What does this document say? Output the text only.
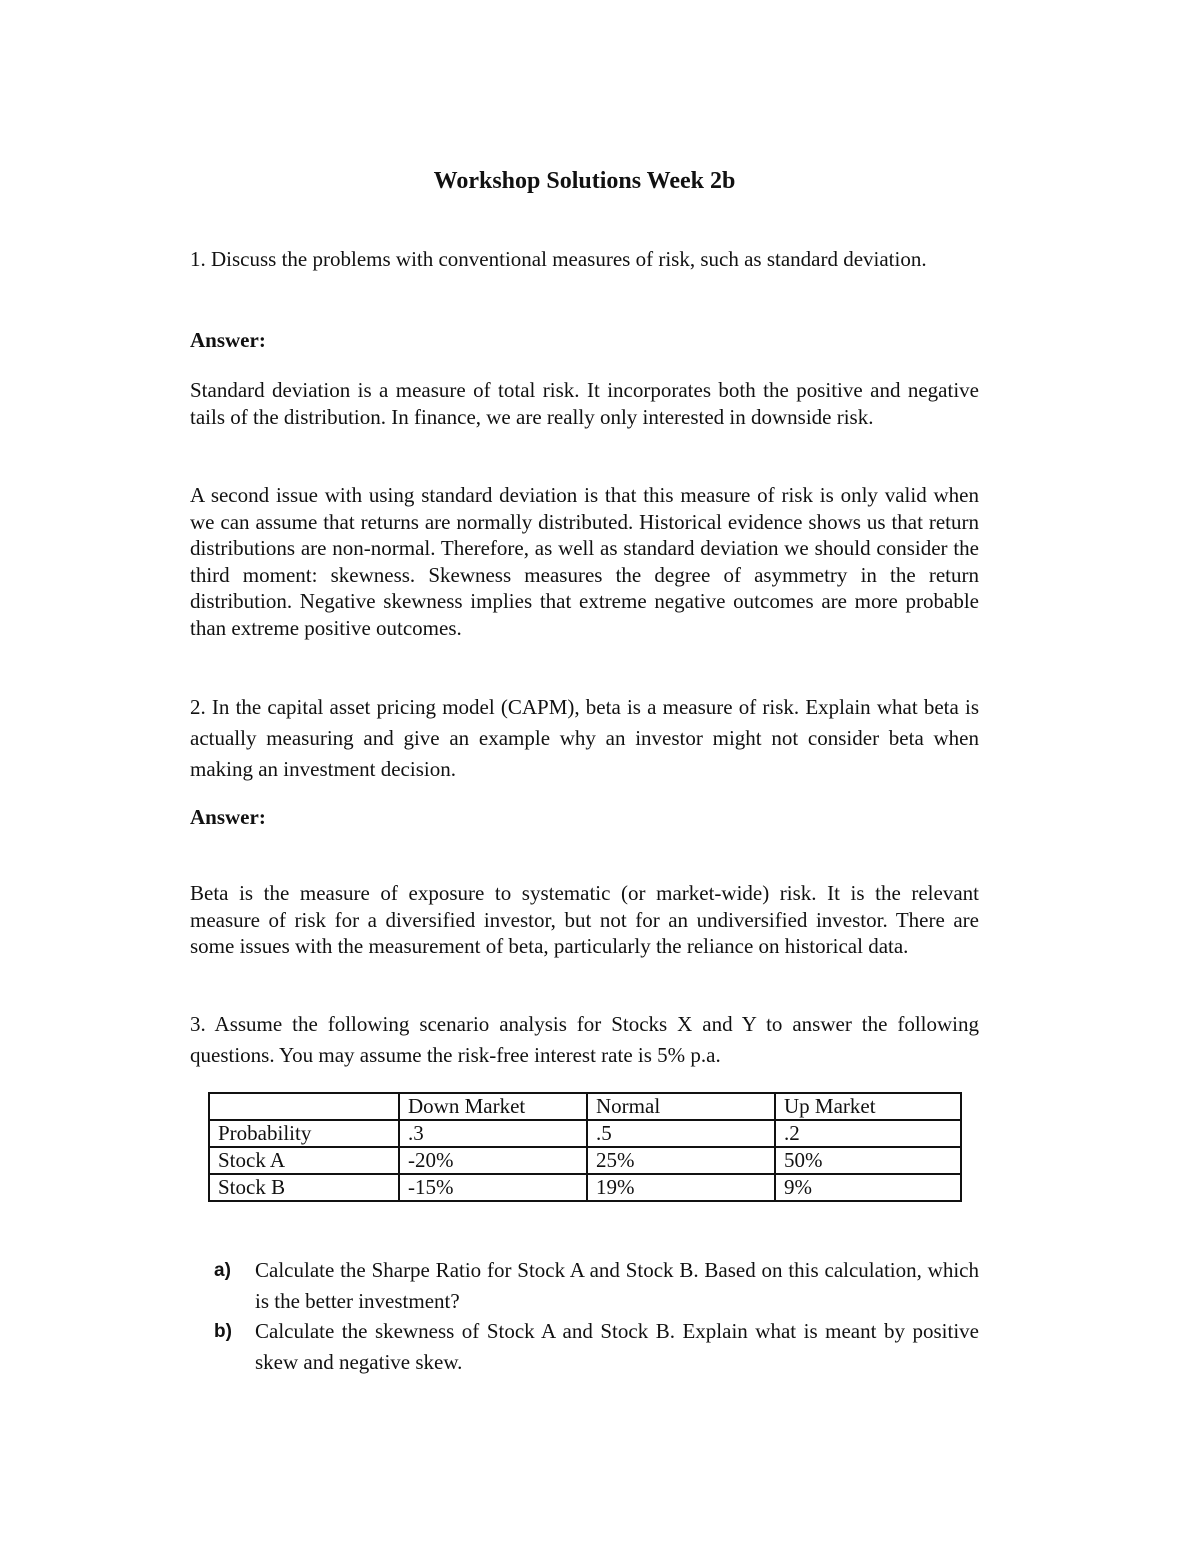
Workshop Solutions Week 2b
1. Discuss the problems with conventional measures of risk, such as standard deviation.
Answer:
Standard deviation is a measure of total risk. It incorporates both the positive and negative tails of the distribution. In finance, we are really only interested in downside risk.
A second issue with using standard deviation is that this measure of risk is only valid when we can assume that returns are normally distributed. Historical evidence shows us that return distributions are non-normal. Therefore, as well as standard deviation we should consider the third moment: skewness. Skewness measures the degree of asymmetry in the return distribution. Negative skewness implies that extreme negative outcomes are more probable than extreme positive outcomes.
2. In the capital asset pricing model (CAPM), beta is a measure of risk. Explain what beta is actually measuring and give an example why an investor might not consider beta when making an investment decision.
Answer:
Beta is the measure of exposure to systematic (or market-wide) risk. It is the relevant measure of risk for a diversified investor, but not for an undiversified investor. There are some issues with the measurement of beta, particularly the reliance on historical data.
3. Assume the following scenario analysis for Stocks X and Y to answer the following questions. You may assume the risk-free interest rate is 5% p.a.
	Down Market	Normal	Up Market
Probability	.3	.5	.2
Stock A	-20%	25%	50%
Stock B	-15%	19%	9%
a) Calculate the Sharpe Ratio for Stock A and Stock B. Based on this calculation, which is the better investment?
b) Calculate the skewness of Stock A and Stock B. Explain what is meant by positive skew and negative skew.
